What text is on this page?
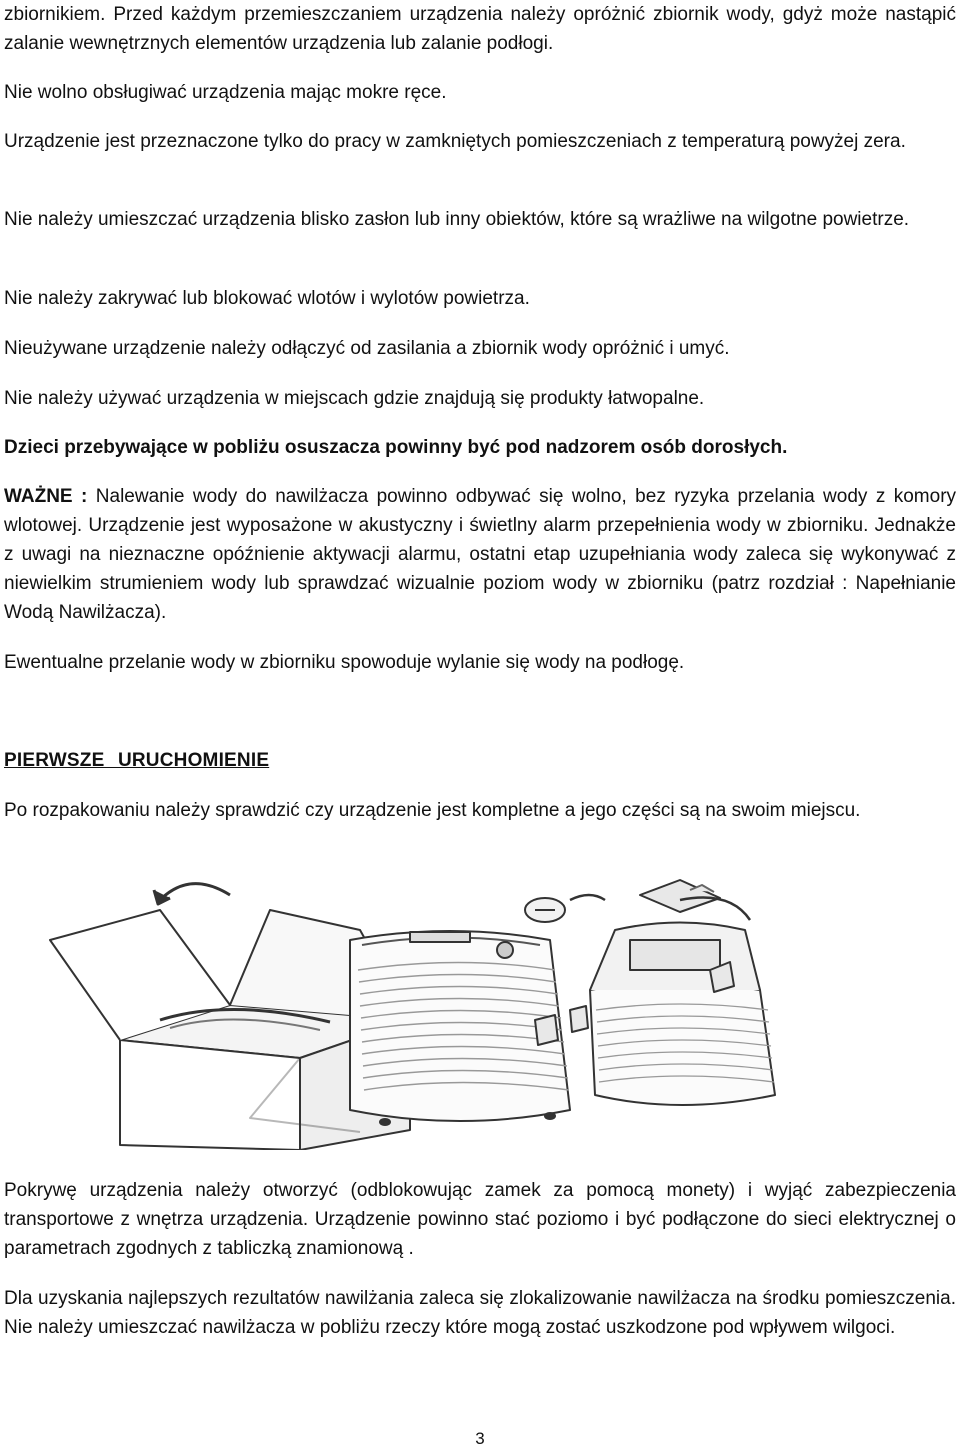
zbiornikiem. Przed każdym przemieszczaniem urządzenia należy opróżnić zbiornik wody, gdyż może nastąpić zalanie wewnętrznych elementów urządzenia lub zalanie podłogi.

Nie wolno obsługiwać urządzenia mając mokre ręce.

Urządzenie jest przeznaczone tylko do pracy w zamkniętych pomieszczeniach z temperaturą powyżej zera.

Nie należy umieszczać urządzenia blisko zasłon lub inny obiektów, które są wrażliwe na wilgotne powietrze.

Nie należy zakrywać lub blokować wlotów i wylotów powietrza.

Nieużywane urządzenie należy odłączyć od zasilania a zbiornik wody opróżnić i umyć.

Nie należy używać urządzenia w miejscach gdzie znajdują się produkty łatwopalne.

Dzieci przebywające w pobliżu osuszacza powinny być pod nadzorem osób dorosłych.

WAŻNE : Nalewanie wody do nawilżacza powinno odbywać się wolno, bez ryzyka przelania wody z komory wlotowej. Urządzenie jest wyposażone w akustyczny i świetlny alarm przepełnienia wody w zbiorniku. Jednakże z uwagi na nieznaczne opóźnienie aktywacji alarmu, ostatni etap uzupełniania wody zaleca się wykonywać z niewielkim strumieniem wody lub sprawdzać wizualnie poziom wody w zbiorniku (patrz rozdział : Napełnianie Wodą Nawilżacza).

Ewentualne przelanie wody w zbiorniku spowoduje wylanie się wody na podłogę.

PIERWSZE URUCHOMIENIE

Po rozpakowaniu należy sprawdzić czy urządzenie jest kompletne a jego części są na swoim miejscu.

Pokrywę urządzenia należy otworzyć (odblokowując zamek za pomocą monety) i wyjąć zabezpieczenia transportowe z wnętrza urządzenia. Urządzenie powinno stać poziomo i być podłączone do sieci elektrycznej o parametrach zgodnych z tabliczką znamionową .

Dla uzyskania najlepszych rezultatów nawilżania zaleca się zlokalizowanie nawilżacza na środku pomieszczenia. Nie należy umieszczać nawilżacza w pobliżu rzeczy które mogą zostać uszkodzone pod wpływem wilgoci.

3
